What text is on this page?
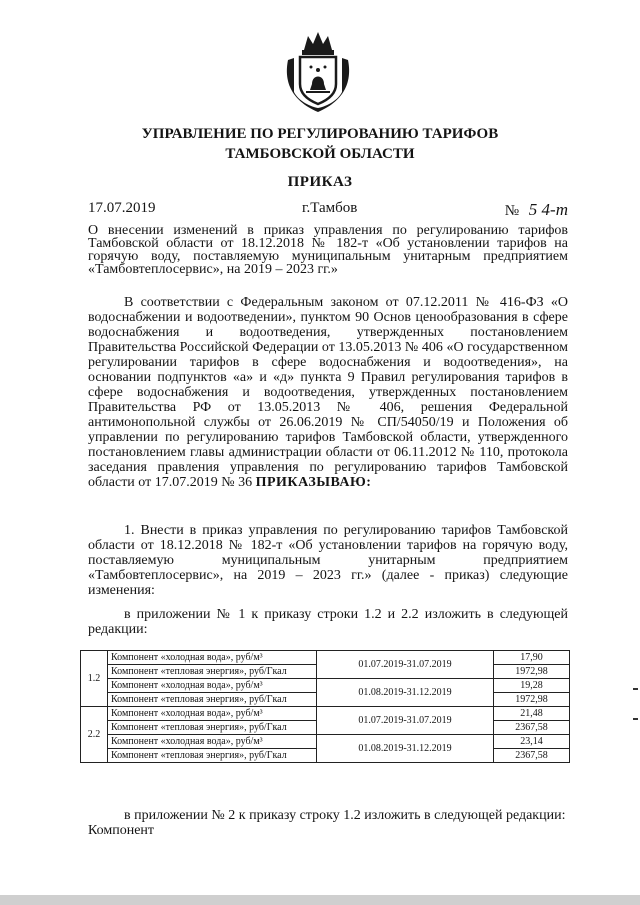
УПРАВЛЕНИЕ ПО РЕГУЛИРОВАНИЮ ТАРИФОВ
ТАМБОВСКОЙ ОБЛАСТИ
ПРИКАЗ
17.07.2019	г.Тамбов	№ 5 4-т
О внесении изменений в приказ управления по регулированию тарифов Тамбовской области от 18.12.2018 № 182-т «Об установлении тарифов на горячую воду, поставляемую муниципальным унитарным предприятием «Тамбовтеплосервис», на 2019 – 2023 гг.»
В соответствии с Федеральным законом от 07.12.2011 № 416-ФЗ «О водоснабжении и водоотведении», пунктом 90 Основ ценообразования в сфере водоснабжения и водоотведения, утвержденных постановлением Правительства Российской Федерации от 13.05.2013 № 406 «О государственном регулировании тарифов в сфере водоснабжения и водоотведения», на основании подпунктов «а» и «д» пункта 9 Правил регулирования тарифов в сфере водоснабжения и водоотведения, утвержденных постановлением Правительства РФ от 13.05.2013 № 406, решения Федеральной антимонопольной службы от 26.06.2019 № СП/54050/19 и Положения об управлении по регулированию тарифов Тамбовской области, утвержденного постановлением главы администрации области от 06.11.2012 № 110, протокола заседания правления управления по регулированию тарифов Тамбовской области от 17.07.2019 № 36 ПРИКАЗЫВАЮ:
1. Внести в приказ управления по регулированию тарифов Тамбовской области от 18.12.2018 № 182-т «Об установлении тарифов на горячую воду, поставляемую муниципальным унитарным предприятием «Тамбовтеплосервис», на 2019 – 2023 гг.» (далее - приказ) следующие изменения:
в приложении № 1 к приказу строки 1.2 и 2.2 изложить в следующей редакции:
1.2	Компонент «холодная вода», руб/м³	01.07.2019-31.07.2019	17,90
	Компонент «тепловая энергия», руб/Гкал		1972,98
	Компонент «холодная вода», руб/м³	01.08.2019-31.12.2019	19,28
	Компонент «тепловая энергия», руб/Гкал		1972,98
2.2	Компонент «холодная вода», руб/м³	01.07.2019-31.07.2019	21,48
	Компонент «тепловая энергия», руб/Гкал		2367,58
	Компонент «холодная вода», руб/м³	01.08.2019-31.12.2019	23,14
	Компонент «тепловая энергия», руб/Гкал		2367,58
в приложении № 2 к приказу строку 1.2 изложить в следующей редакции:
Компонент
